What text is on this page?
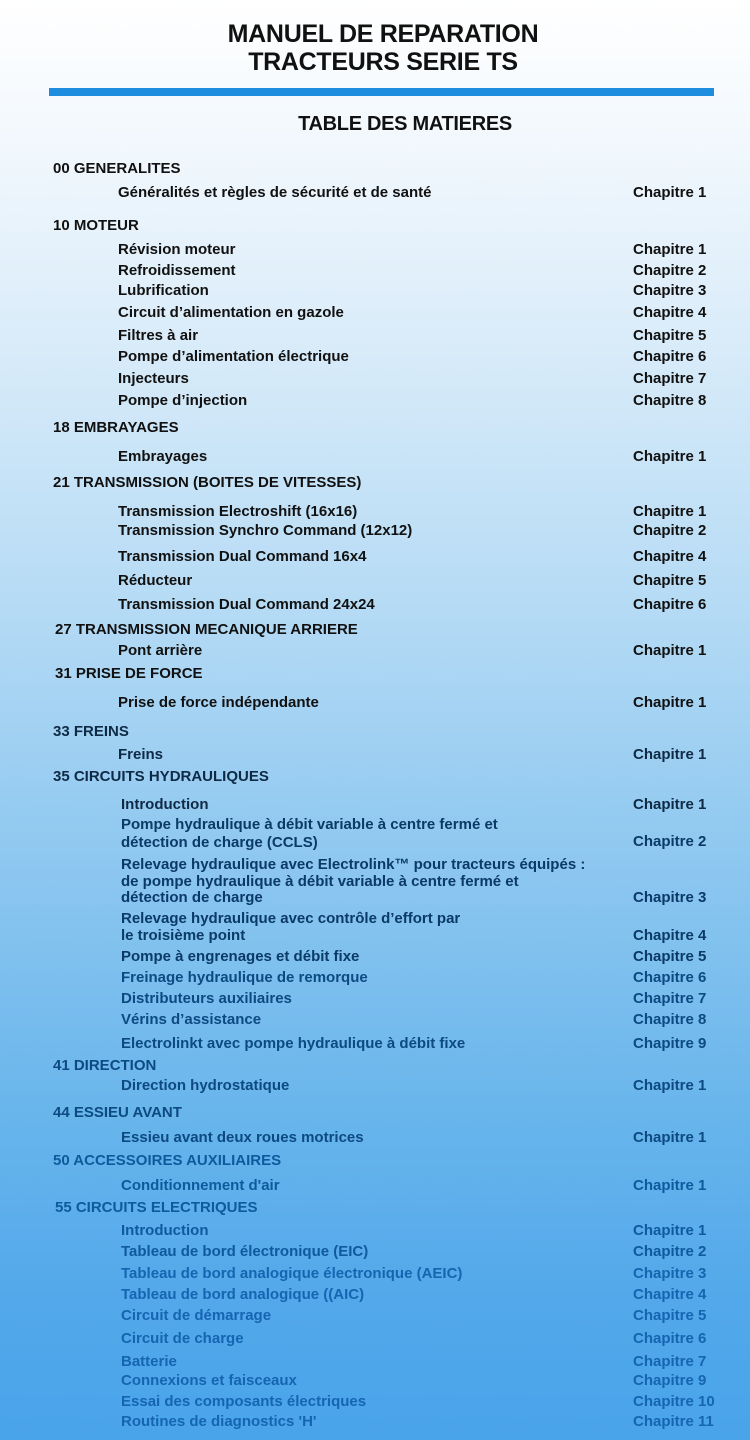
MANUEL DE REPARATION
TRACTEURS SERIE TS
TABLE DES MATIERES
00 GENERALITES
Généralités et règles de sécurité et de santé	Chapitre 1
10 MOTEUR
Révision moteur	Chapitre 1
Refroidissement	Chapitre 2
Lubrification	Chapitre 3
Circuit d’alimentation en gazole	Chapitre 4
Filtres à air	Chapitre 5
Pompe d’alimentation électrique	Chapitre 6
Injecteurs	Chapitre 7
Pompe d’injection	Chapitre 8
18 EMBRAYAGES
Embrayages	Chapitre 1
21 TRANSMISSION (BOITES DE VITESSES)
Transmission Electroshift (16x16)	Chapitre 1
Transmission Synchro Command (12x12)	Chapitre 2
Transmission Dual Command 16x4	Chapitre 4
Réducteur	Chapitre 5
Transmission Dual Command 24x24	Chapitre 6
27 TRANSMISSION MECANIQUE ARRIERE
Pont arrière	Chapitre 1
31 PRISE DE FORCE
Prise de force indépendante	Chapitre 1
33 FREINS
Freins	Chapitre 1
35 CIRCUITS HYDRAULIQUES
Introduction	Chapitre 1
Pompe hydraulique à débit variable à centre fermé et
détection de charge (CCLS)	Chapitre 2
Relevage hydraulique avec Electrolink™ pour tracteurs équipés :
de pompe hydraulique à débit variable à centre fermé et
détection de charge	Chapitre 3
Relevage hydraulique avec contrôle d’effort par
le troisième point	Chapitre 4
Pompe à engrenages et débit fixe	Chapitre 5
Freinage hydraulique de remorque	Chapitre 6
Distributeurs auxiliaires	Chapitre 7
Vérins d’assistance	Chapitre 8
Electrolinkt avec pompe hydraulique à débit fixe	Chapitre 9
41 DIRECTION
Direction hydrostatique	Chapitre 1
44 ESSIEU AVANT
Essieu avant deux roues motrices	Chapitre 1
50 ACCESSOIRES AUXILIAIRES
Conditionnement d'air	Chapitre 1
55 CIRCUITS ELECTRIQUES
Introduction	Chapitre 1
Tableau de bord électronique (EIC)	Chapitre 2
Tableau de bord analogique électronique (AEIC)	Chapitre 3
Tableau de bord analogique ((AIC)	Chapitre 4
Circuit de démarrage	Chapitre 5
Circuit de charge	Chapitre 6
Batterie	Chapitre 7
Connexions et faisceaux	Chapitre 9
Essai des composants électriques	Chapitre 10
Routines de diagnostics 'H'	Chapitre 11
